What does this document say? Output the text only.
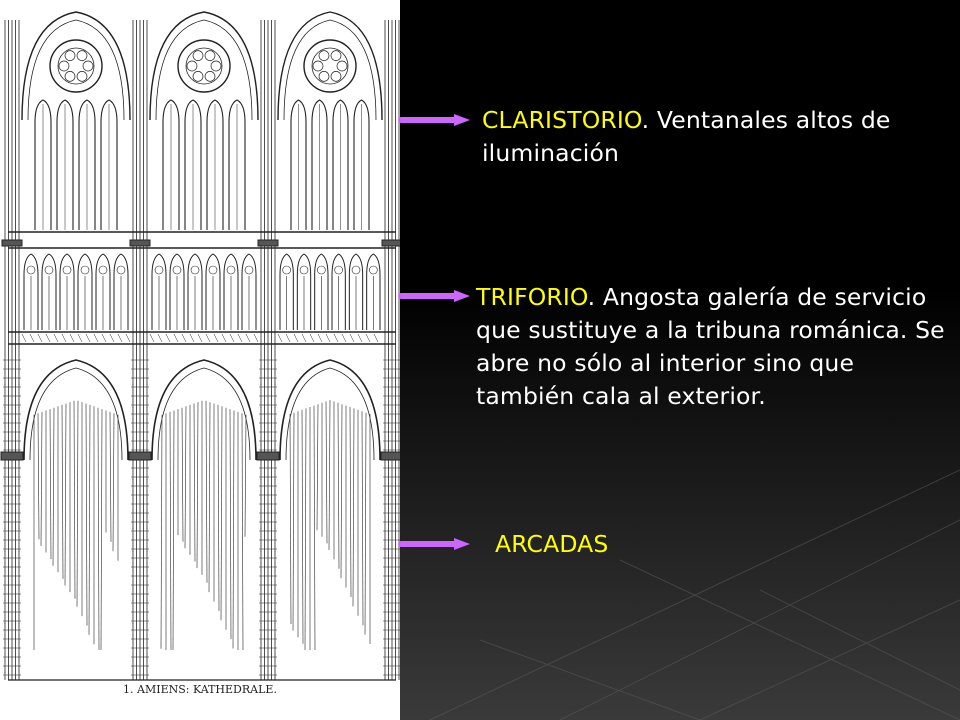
1. AMIENS: KATHEDRALE.

CLARISTORIO. Ventanales altos de iluminación

TRIFORIO. Angosta galería de servicio que sustituye a la tribuna románica. Se abre no sólo al interior sino que también cala al exterior.

ARCADAS
